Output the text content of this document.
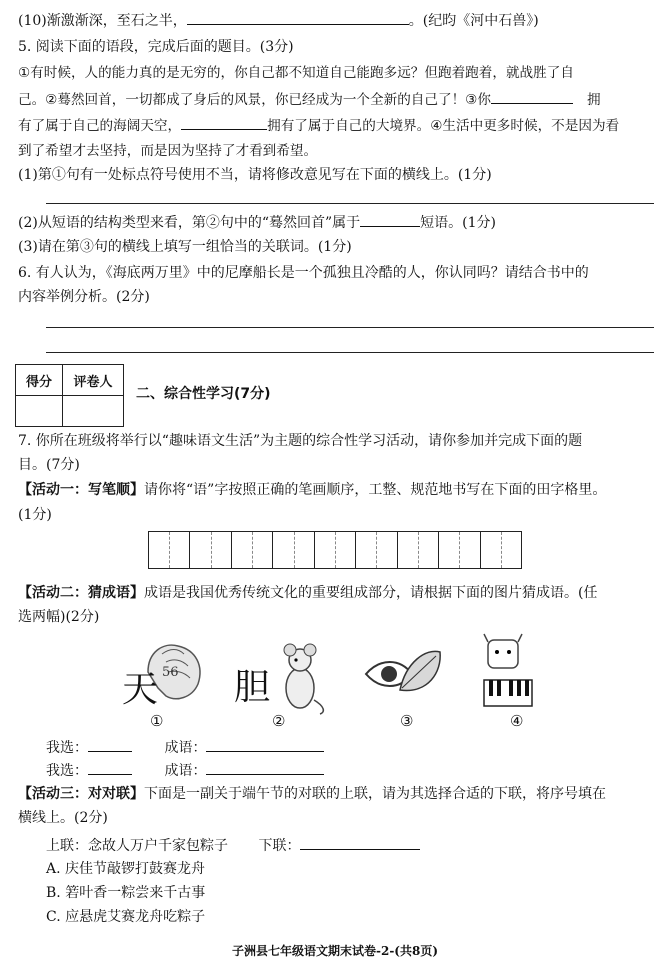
(10)渐激渐深，至石之半，	。(纪昀《河中石兽》)
5. 阅读下面的语段，完成后面的题目。(3分)
①有时候，人的能力真的是无穷的，你自己都不知道自己能跑多远？但跑着跑着，就战胜了自
己。②蓦然回首，一切都成了身后的风景，你已经成为一个全新的自己了！③你	拥
有了属于自己的海阔天空，	拥有了属于自己的大境界。④生活中更多时候，不是因为看
到了希望才去坚持，而是因为坚持了才看到希望。
(1)第①句有一处标点符号使用不当，请将修改意见写在下面的横线上。(1分)
(2)从短语的结构类型来看，第②句中的“蓦然回首”属于	短语。(1分)
(3)请在第③句的横线上填写一组恰当的关联词。(1分)
6. 有人认为，《海底两万里》中的尼摩船长是一个孤独且冷酷的人，你认同吗？请结合书中的
内容举例分析。(2分)
得分	评卷人

二、综合性学习(7分)
7. 你所在班级将举行以“趣味语文生活”为主题的综合性学习活动，请你参加并完成下面的题
目。(7分)
【活动一：写笔顺】请你将“语”字按照正确的笔画顺序，工整、规范地书写在下面的田字格里。
(1分)
【活动二：猜成语】成语是我国优秀传统文化的重要组成部分，请根据下面的图片猜成语。(任
选两幅)(2分)
56
天 胆
①	②	③	④
我选：	成语：
我选：	成语：
【活动三：对对联】下面是一副关于端午节的对联的上联，请为其选择合适的下联，将序号填在
横线上。(2分)
上联：念故人万户千家包粽子 下联：
A. 庆佳节敲锣打鼓赛龙舟
B. 箬叶香一粽尝来千古事
C. 应悬虎艾赛龙舟吃粽子
子洲县七年级语文期末试卷-2-(共8页)
